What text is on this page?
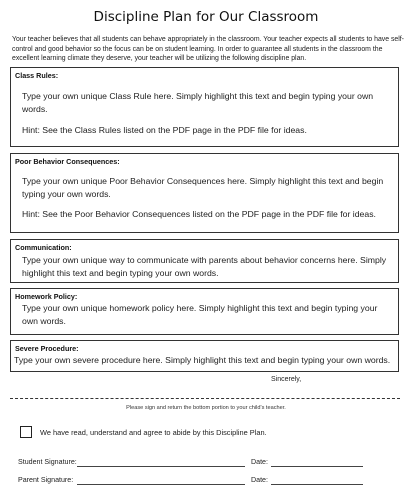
Discipline Plan for Our Classroom
Your teacher believes that all students can behave appropriately in the classroom. Your teacher expects all students to have self-control and good behavior so the focus can be on student learning. In order to guarantee all students in the classroom the excellent learning climate they deserve, your teacher will be utilizing the following discipline plan.
Class Rules:
Type your own unique Class Rule here. Simply highlight this text and begin typing your own words.
Hint: See the Class Rules listed on the PDF page in the PDF file for ideas.
Poor Behavior Consequences:
Type your own unique Poor Behavior Consequences here. Simply highlight this text and begin typing your own words.
Hint: See the Poor Behavior Consequences listed on the PDF page in the PDF file for ideas.
Communication:
Type your own unique way to communicate with parents about behavior concerns here. Simply highlight this text and begin typing your own words.
Homework Policy:
Type your own unique homework policy here. Simply highlight this text and begin typing your own words.
Severe Procedure:
Type your own severe procedure here. Simply highlight this text and begin typing your own words.
Sincerely,
Please sign and return the bottom portion to your child's teacher.
We have read, understand and agree to abide by this Discipline Plan.
Student Signature:	Date:
Parent Signature:	Date:
